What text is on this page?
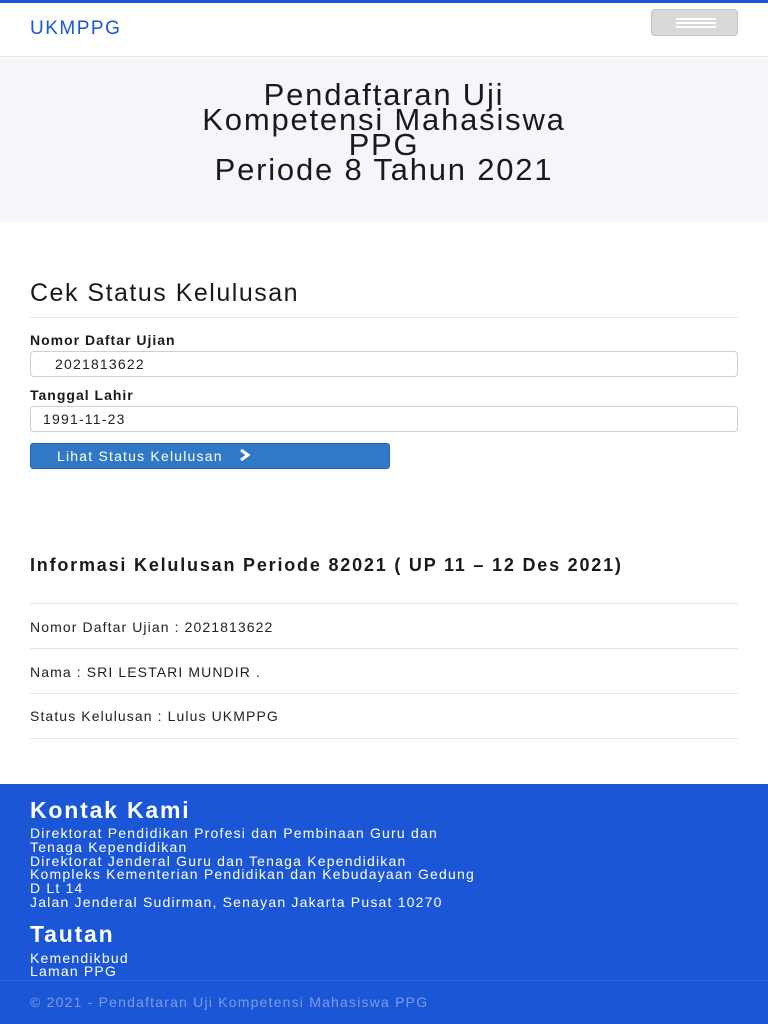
UKMPPG
Pendaftaran Uji
Kompetensi Mahasiswa
PPG
Periode 8 Tahun 2021
Cek Status Kelulusan
Nomor Daftar Ujian
2021813622
Tanggal Lahir
1991-11-23
Lihat Status Kelulusan
Informasi Kelulusan Periode 82021 ( UP 11 – 12 Des 2021)
Nomor Daftar Ujian : 2021813622
Nama : SRI LESTARI MUNDIR .
Status Kelulusan : Lulus UKMPPG
Kontak Kami
Direktorat Pendidikan Profesi dan Pembinaan Guru dan
Tenaga Kependidikan
Direktorat Jenderal Guru dan Tenaga Kependidikan
Kompleks Kementerian Pendidikan dan Kebudayaan Gedung
D Lt 14
Jalan Jenderal Sudirman, Senayan Jakarta Pusat 10270
Tautan
Kemendikbud
Laman PPG
© 2021 - Pendaftaran Uji Kompetensi Mahasiswa PPG
